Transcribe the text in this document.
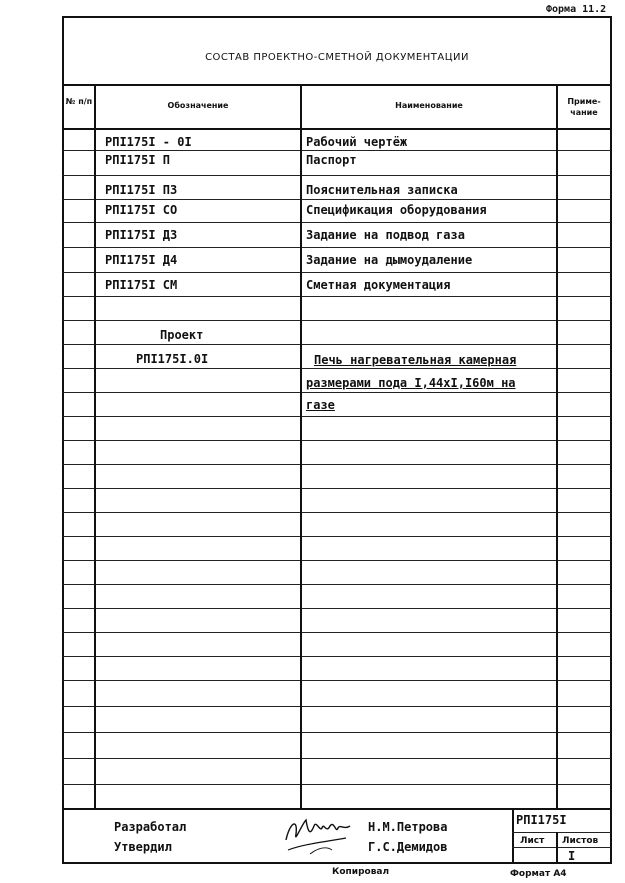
Форма 11.2
СОСТАВ ПРОЕКТНО-СМЕТНОЙ ДОКУМЕНТАЦИИ
№ п/п	Обозначение	Наименование	Приме- чание
РПI175I - 0I	Рабочий чертёж
РПI175I П	Паспорт
РПI175I ПЗ	Пояснительная записка
РПI175I СО	Спецификация оборудования
РПI175I ДЗ	Задание на подвод газа
РПI175I Д4	Задание на дымоудаление
РПI175I СМ	Сметная документация
Проект
РПI175I.0I	Печь нагревательная камерная
размерами пода I,44хI,I60м на
газе
Разработал
Утвердил
Н.М.Петрова
Г.С.Демидов
РПI175I
Лист Листов
I
Копировал	Формат А4
